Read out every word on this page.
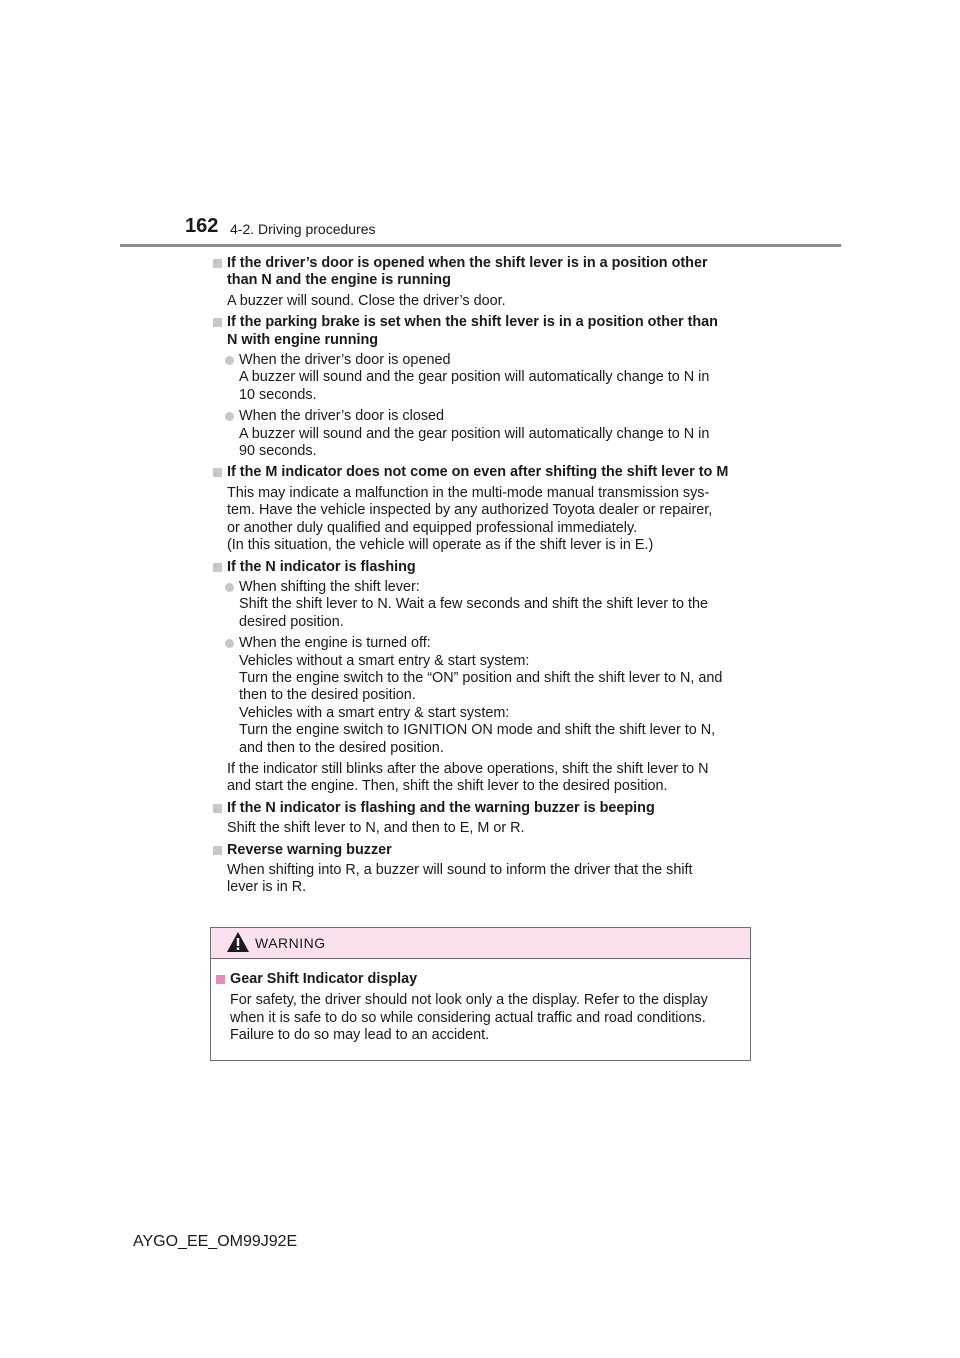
162 4-2. Driving procedures
If the driver’s door is opened when the shift lever is in a position other
than N and the engine is running
A buzzer will sound. Close the driver’s door.
If the parking brake is set when the shift lever is in a position other than
N with engine running
When the driver’s door is opened
A buzzer will sound and the gear position will automatically change to N in
10 seconds.
When the driver’s door is closed
A buzzer will sound and the gear position will automatically change to N in
90 seconds.
If the M indicator does not come on even after shifting the shift lever to M
This may indicate a malfunction in the multi-mode manual transmission sys-
tem. Have the vehicle inspected by any authorized Toyota dealer or repairer,
or another duly qualified and equipped professional immediately.
(In this situation, the vehicle will operate as if the shift lever is in E.)
If the N indicator is flashing
When shifting the shift lever:
Shift the shift lever to N. Wait a few seconds and shift the shift lever to the
desired position.
When the engine is turned off:
Vehicles without a smart entry & start system:
Turn the engine switch to the “ON” position and shift the shift lever to N, and
then to the desired position.
Vehicles with a smart entry & start system:
Turn the engine switch to IGNITION ON mode and shift the shift lever to N,
and then to the desired position.
If the indicator still blinks after the above operations, shift the shift lever to N
and start the engine. Then, shift the shift lever to the desired position.
If the N indicator is flashing and the warning buzzer is beeping
Shift the shift lever to N, and then to E, M or R.
Reverse warning buzzer
When shifting into R, a buzzer will sound to inform the driver that the shift
lever is in R.
WARNING
Gear Shift Indicator display
For safety, the driver should not look only a the display. Refer to the display
when it is safe to do so while considering actual traffic and road conditions.
Failure to do so may lead to an accident.
AYGO_EE_OM99J92E
